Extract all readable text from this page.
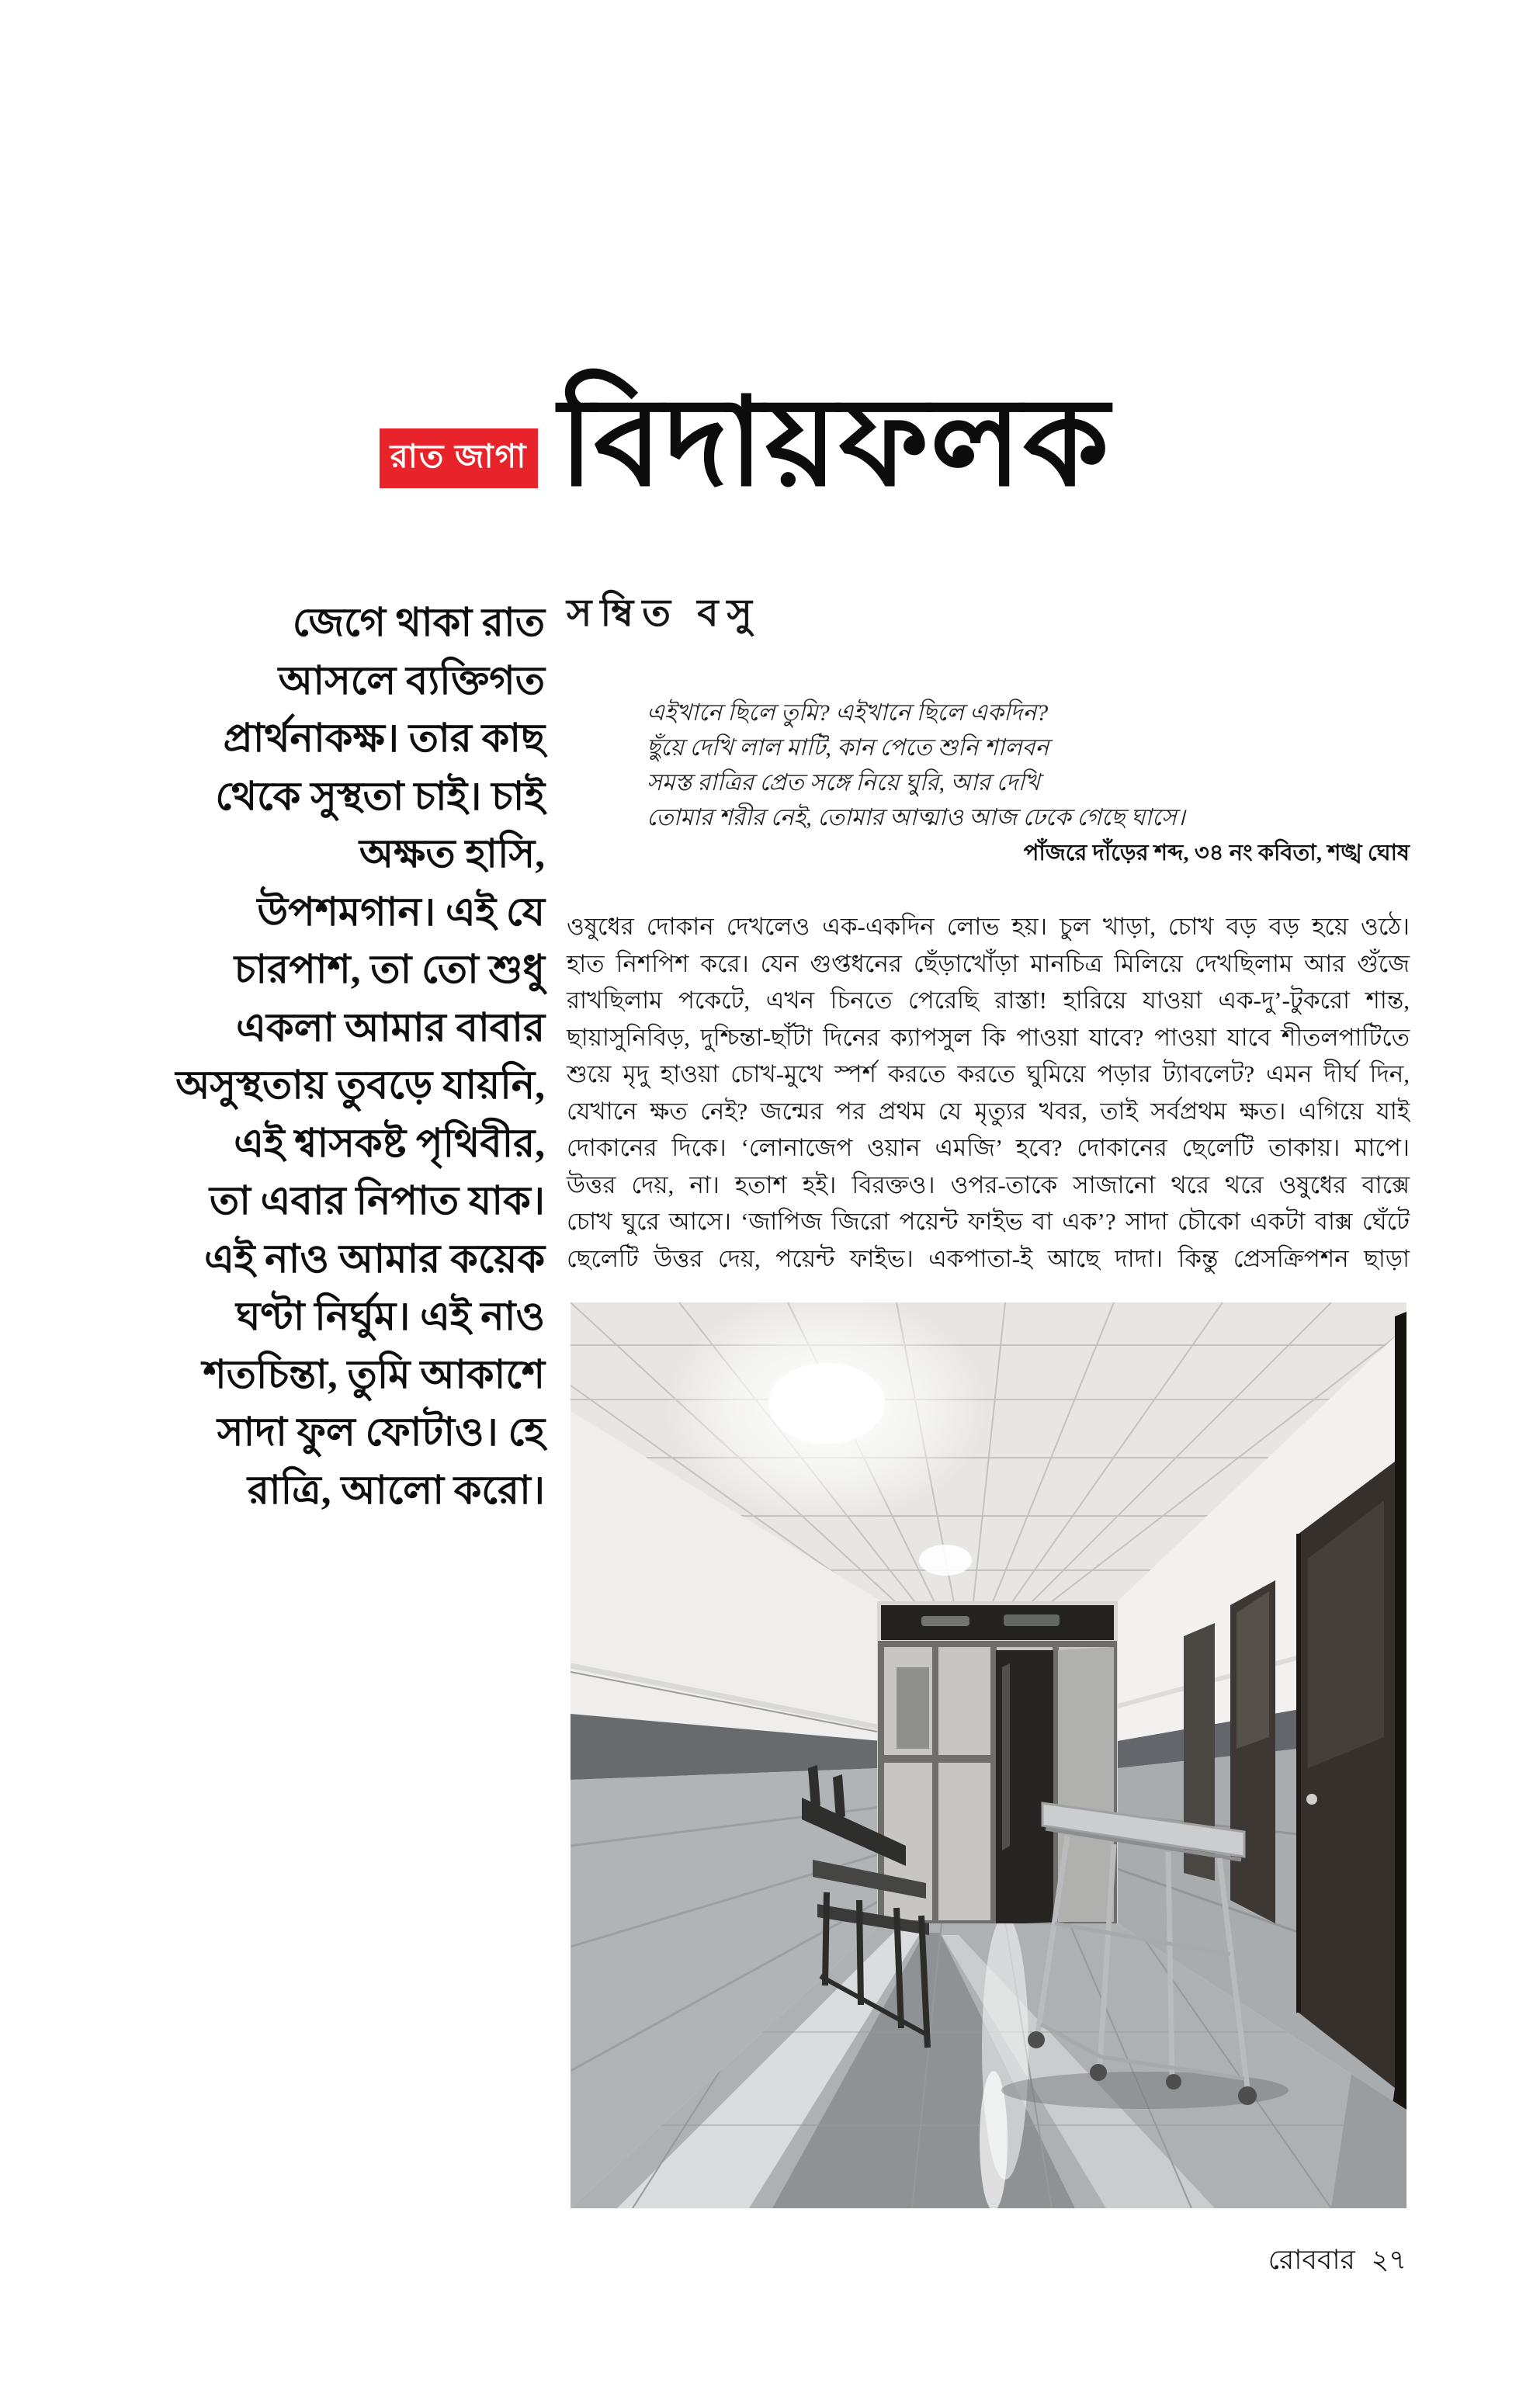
রাত জাগা বিদায়ফলক
সম্বিত বসু
এইখানে ছিলে তুমি? এইখানে ছিলে একদিন?
ছুঁয়ে দেখি লাল মাটি, কান পেতে শুনি শালবন
সমস্ত রাত্রির প্রেত সঙ্গে নিয়ে ঘুরি, আর দেখি
তোমার শরীর নেই, তোমার আত্মাও আজ ঢেকে গেছে ঘাসে।
পাঁজরে দাঁড়ের শব্দ, ৩৪ নং কবিতা, শঙ্খ ঘোষ
জেগে থাকা রাত
আসলে ব্যক্তিগত
প্রার্থনাকক্ষ। তার কাছ
থেকে সুস্থতা চাই। চাই
অক্ষত হাসি,
উপশমগান। এই যে
চারপাশ, তা তো শুধু
একলা আমার বাবার
অসুস্থতায় তুবড়ে যায়নি,
এই শ্বাসকষ্ট পৃথিবীর,
তা এবার নিপাত যাক।
এই নাও আমার কয়েক
ঘণ্টা নির্ঘুম। এই নাও
শতচিন্তা, তুমি আকাশে
সাদা ফুল ফোটাও। হে
রাত্রি, আলো করো।
ওষুধের দোকান দেখলেও এক-একদিন লোভ হয়। চুল খাড়া, চোখ বড় বড় হয়ে ওঠে।
হাত নিশপিশ করে। যেন গুপ্তধনের ছেঁড়াখোঁড়া মানচিত্র মিলিয়ে দেখছিলাম আর গুঁজে
রাখছিলাম পকেটে, এখন চিনতে পেরেছি রাস্তা! হারিয়ে যাওয়া এক-দু’-টুকরো শান্ত,
ছায়াসুনিবিড়, দুশ্চিন্তা-ছাঁটা দিনের ক্যাপসুল কি পাওয়া যাবে? পাওয়া যাবে শীতলপাটিতে
শুয়ে মৃদু হাওয়া চোখ-মুখে স্পর্শ করতে করতে ঘুমিয়ে পড়ার ট্যাবলেট? এমন দীর্ঘ দিন,
যেখানে ক্ষত নেই? জন্মের পর প্রথম যে মৃত্যুর খবর, তাই সর্বপ্রথম ক্ষত। এগিয়ে যাই
দোকানের দিকে। ‘লোনাজেপ ওয়ান এমজি’ হবে? দোকানের ছেলেটি তাকায়। মাপে।
উত্তর দেয়, না। হতাশ হই। বিরক্তও। ওপর-তাকে সাজানো থরে থরে ওষুধের বাক্সে
চোখ ঘুরে আসে। ‘জাপিজ জিরো পয়েন্ট ফাইভ বা এক’? সাদা চৌকো একটা বাক্স ঘেঁটে
ছেলেটি উত্তর দেয়, পয়েন্ট ফাইভ। একপাতা-ই আছে দাদা। কিন্তু প্রেসক্রিপশন ছাড়া
রোববার ২৭
